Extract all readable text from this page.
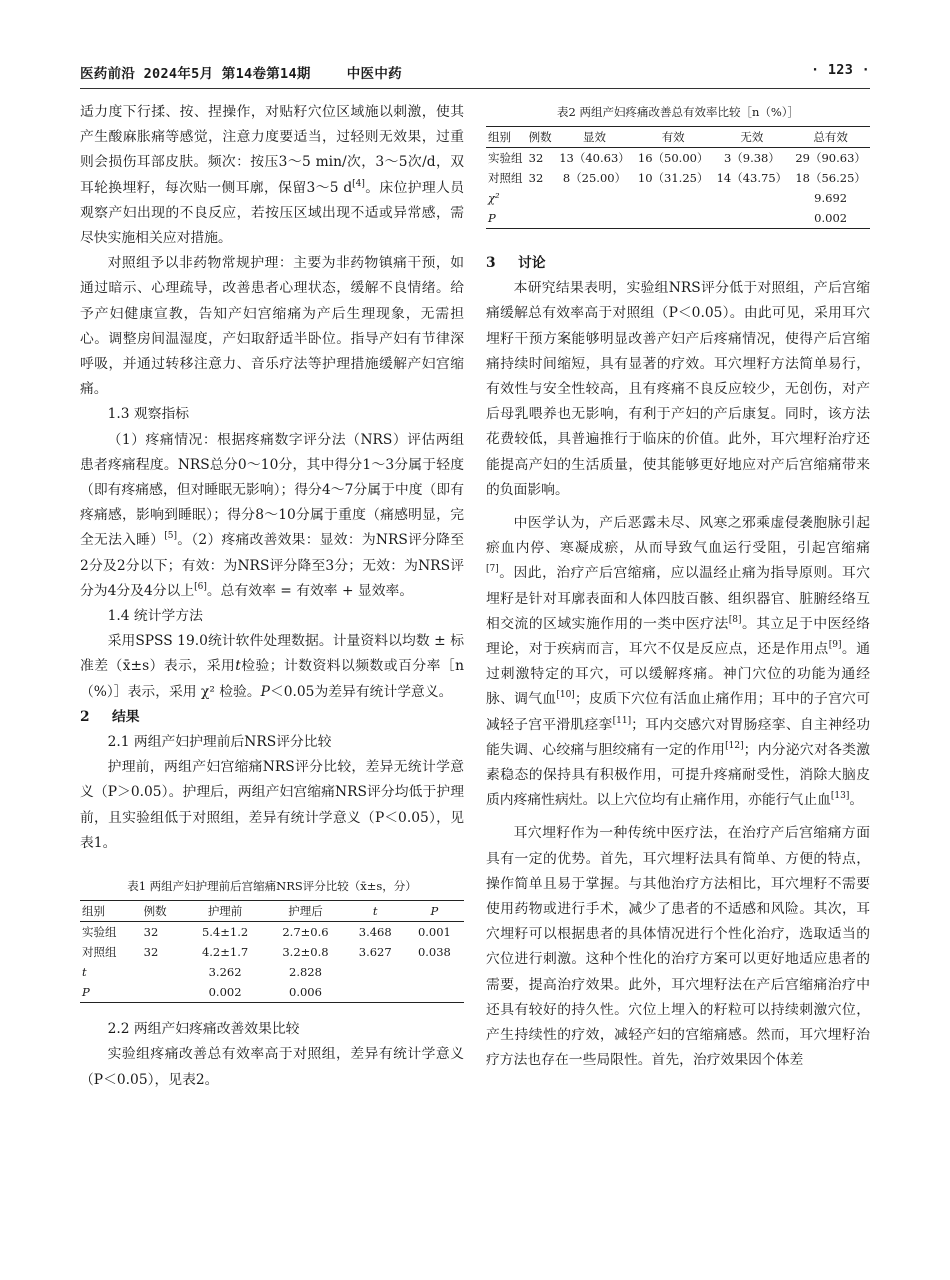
医药前沿 2024年5月 第14卷第14期	中医中药	· 123 ·

适力度下行揉、按、捏操作，对贴籽穴位区域施以刺激，使其产生酸麻胀痛等感觉，注意力度要适当，过轻则无效果，过重则会损伤耳部皮肤。频次：按压3～5 min/次，3～5次/d，双耳轮换埋籽，每次贴一侧耳廓，保留3～5 d[4]。床位护理人员观察产妇出现的不良反应，若按压区域出现不适或异常感，需尽快实施相关应对措施。

对照组予以非药物常规护理：主要为非药物镇痛干预，如通过暗示、心理疏导，改善患者心理状态，缓解不良情绪。给予产妇健康宣教，告知产妇宫缩痛为产后生理现象，无需担心。调整房间温湿度，产妇取舒适半卧位。指导产妇有节律深呼吸，并通过转移注意力、音乐疗法等护理措施缓解产妇宫缩痛。

1.3 观察指标

（1）疼痛情况：根据疼痛数字评分法（NRS）评估两组患者疼痛程度。NRS总分0～10分，其中得分1～3分属于轻度（即有疼痛感，但对睡眠无影响）；得分4～7分属于中度（即有疼痛感，影响到睡眠）；得分8～10分属于重度（痛感明显，完全无法入睡）[5]。（2）疼痛改善效果：显效：为NRS评分降至2分及2分以下；有效：为NRS评分降至3分；无效：为NRS评分为4分及4分以上[6]。总有效率 = 有效率 + 显效率。

1.4 统计学方法

采用SPSS 19.0统计软件处理数据。计量资料以均数 ± 标准差（x̄±s）表示，采用t检验；计数资料以频数或百分率［n（%）］表示，采用 χ² 检验。P＜0.05为差异有统计学意义。

2 结果

2.1 两组产妇护理前后NRS评分比较

护理前，两组产妇宫缩痛NRS评分比较，差异无统计学意义（P＞0.05）。护理后，两组产妇宫缩痛NRS评分均低于护理前，且实验组低于对照组，差异有统计学意义（P＜0.05），见表1。

表1 两组产妇护理前后宫缩痛NRS评分比较（x̄±s，分）
组别	例数	护理前	护理后	t	P
实验组	32	5.4±1.2	2.7±0.6	3.468	0.001
对照组	32	4.2±1.7	3.2±0.8	3.627	0.038
t		3.262	2.828		
P		0.002	0.006		

2.2 两组产妇疼痛改善效果比较

实验组疼痛改善总有效率高于对照组，差异有统计学意义（P＜0.05），见表2。

表2 两组产妇疼痛改善总有效率比较［n（%）］
组别	例数	显效	有效	无效	总有效
实验组	32	13（40.63）	16（50.00）	3（9.38）	29（90.63）
对照组	32	8（25.00）	10（31.25）	14（43.75）	18（56.25）
χ²					9.692
P					0.002

3 讨论

本研究结果表明，实验组NRS评分低于对照组，产后宫缩痛缓解总有效率高于对照组（P＜0.05）。由此可见，采用耳穴埋籽干预方案能够明显改善产妇产后疼痛情况，使得产后宫缩痛持续时间缩短，具有显著的疗效。耳穴埋籽方法简单易行，有效性与安全性较高，且有疼痛不良反应较少，无创伤，对产后母乳喂养也无影响，有利于产妇的产后康复。同时，该方法花费较低，具普遍推行于临床的价值。此外，耳穴埋籽治疗还能提高产妇的生活质量，使其能够更好地应对产后宫缩痛带来的负面影响。

中医学认为，产后恶露未尽、风寒之邪乘虚侵袭胞脉引起瘀血内停、寒凝成瘀，从而导致气血运行受阻，引起宫缩痛[7]。因此，治疗产后宫缩痛，应以温经止痛为指导原则。耳穴埋籽是针对耳廓表面和人体四肢百骸、组织器官、脏腑经络互相交流的区域实施作用的一类中医疗法[8]。其立足于中医经络理论，对于疾病而言，耳穴不仅是反应点，还是作用点[9]。通过刺激特定的耳穴，可以缓解疼痛。神门穴位的功能为通经脉、调气血[10]；皮质下穴位有活血止痛作用；耳中的子宫穴可减轻子宫平滑肌痉挛[11]；耳内交感穴对胃肠痉挛、自主神经功能失调、心绞痛与胆绞痛有一定的作用[12]；内分泌穴对各类激素稳态的保持具有积极作用，可提升疼痛耐受性，消除大脑皮质内疼痛性病灶。以上穴位均有止痛作用，亦能行气止血[13]。

耳穴埋籽作为一种传统中医疗法，在治疗产后宫缩痛方面具有一定的优势。首先，耳穴埋籽法具有简单、方便的特点，操作简单且易于掌握。与其他治疗方法相比，耳穴埋籽不需要使用药物或进行手术，减少了患者的不适感和风险。其次，耳穴埋籽可以根据患者的具体情况进行个性化治疗，选取适当的穴位进行刺激。这种个性化的治疗方案可以更好地适应患者的需要，提高治疗效果。此外，耳穴埋籽法在产后宫缩痛治疗中还具有较好的持久性。穴位上埋入的籽粒可以持续刺激穴位，产生持续性的疗效，减轻产妇的宫缩痛感。然而，耳穴埋籽治疗方法也存在一些局限性。首先，治疗效果因个体差
